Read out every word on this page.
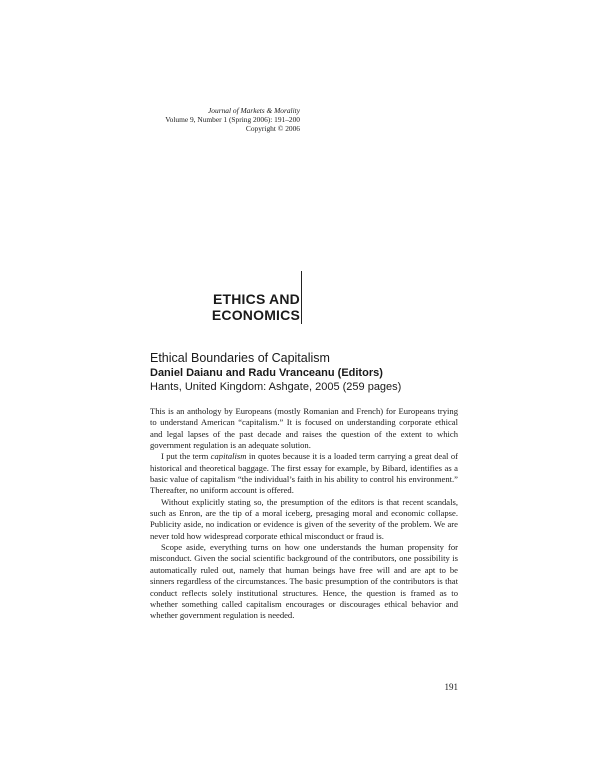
Journal of Markets & Morality
Volume 9, Number 1 (Spring 2006): 191–200
Copyright © 2006
ETHICS AND
ECONOMICS
Ethical Boundaries of Capitalism
Daniel Daianu and Radu Vranceanu (Editors)
Hants, United Kingdom: Ashgate, 2005 (259 pages)

This is an anthology by Europeans (mostly Romanian and French) for Europeans trying to understand American “capitalism.” It is focused on understanding corporate ethical and legal lapses of the past decade and raises the question of the extent to which government regulation is an adequate solution.

I put the term capitalism in quotes because it is a loaded term carrying a great deal of historical and theoretical baggage. The first essay for example, by Bibard, identifies as a basic value of capitalism “the individual’s faith in his ability to control his environment.” Thereafter, no uniform account is offered.

Without explicitly stating so, the presumption of the editors is that recent scandals, such as Enron, are the tip of a moral iceberg, presaging moral and economic collapse. Publicity aside, no indication or evidence is given of the severity of the problem. We are never told how widespread corporate ethical misconduct or fraud is.

Scope aside, everything turns on how one understands the human propensity for misconduct. Given the social scientific background of the contributors, one possibility is automatically ruled out, namely that human beings have free will and are apt to be sinners regardless of the circumstances. The basic presumption of the contributors is that conduct reflects solely institutional structures. Hence, the question is framed as to whether something called capitalism encourages or discourages ethical behavior and whether government regulation is needed.

191
